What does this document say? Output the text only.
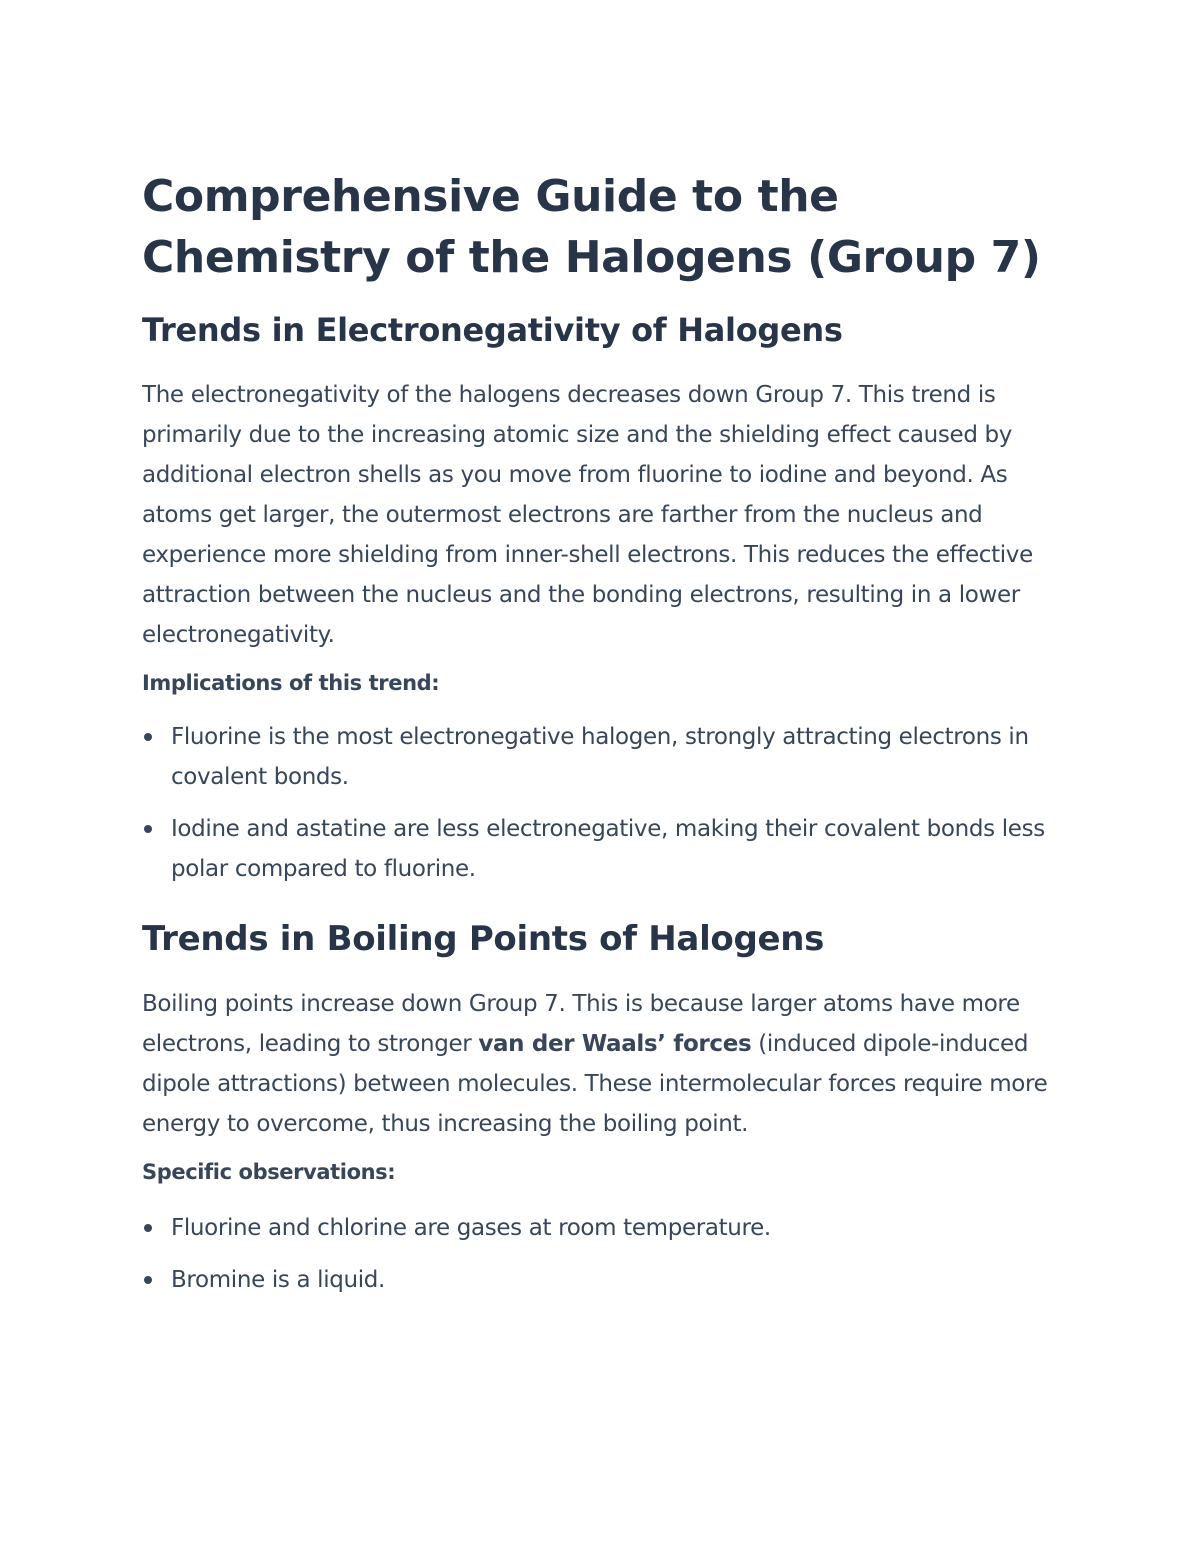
Comprehensive Guide to the Chemistry of the Halogens (Group 7)
Trends in Electronegativity of Halogens

The electronegativity of the halogens decreases down Group 7. This trend is primarily due to the increasing atomic size and the shielding effect caused by additional electron shells as you move from fluorine to iodine and beyond. As atoms get larger, the outermost electrons are farther from the nucleus and experience more shielding from inner-shell electrons. This reduces the effective attraction between the nucleus and the bonding electrons, resulting in a lower electronegativity.

Implications of this trend:

Fluorine is the most electronegative halogen, strongly attracting electrons in covalent bonds.
Iodine and astatine are less electronegative, making their covalent bonds less polar compared to fluorine.
Trends in Boiling Points of Halogens

Boiling points increase down Group 7. This is because larger atoms have more electrons, leading to stronger van der Waals’ forces (induced dipole-induced dipole attractions) between molecules. These intermolecular forces require more energy to overcome, thus increasing the boiling point.

Specific observations:

Fluorine and chlorine are gases at room temperature.
Bromine is a liquid.
